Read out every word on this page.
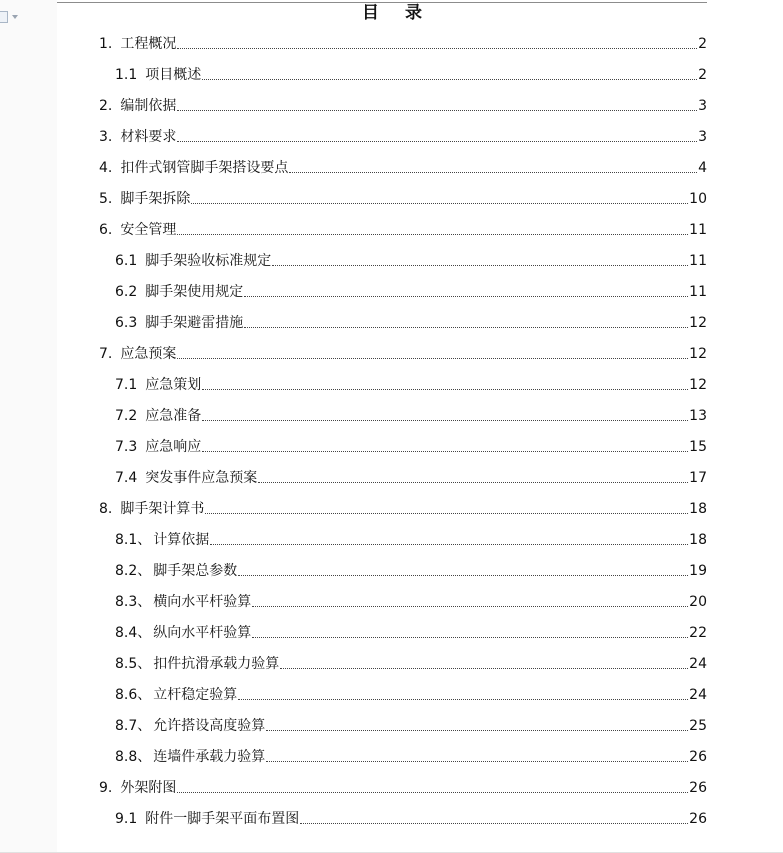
目 录
1. 工程概况	2
1.1 项目概述	2
2. 编制依据	3
3. 材料要求	3
4. 扣件式钢管脚手架搭设要点	4
5. 脚手架拆除	10
6. 安全管理	11
6.1 脚手架验收标准规定	11
6.2 脚手架使用规定	11
6.3 脚手架避雷措施	12
7. 应急预案	12
7.1 应急策划	12
7.2 应急准备	13
7.3 应急响应	15
7.4 突发事件应急预案	17
8. 脚手架计算书	18
8.1、 计算依据	18
8.2、 脚手架总参数	19
8.3、 横向水平杆验算	20
8.4、 纵向水平杆验算	22
8.5、 扣件抗滑承载力验算	24
8.6、 立杆稳定验算	24
8.7、 允许搭设高度验算	25
8.8、 连墙件承载力验算	26
9. 外架附图	26
9.1 附件一脚手架平面布置图	26
